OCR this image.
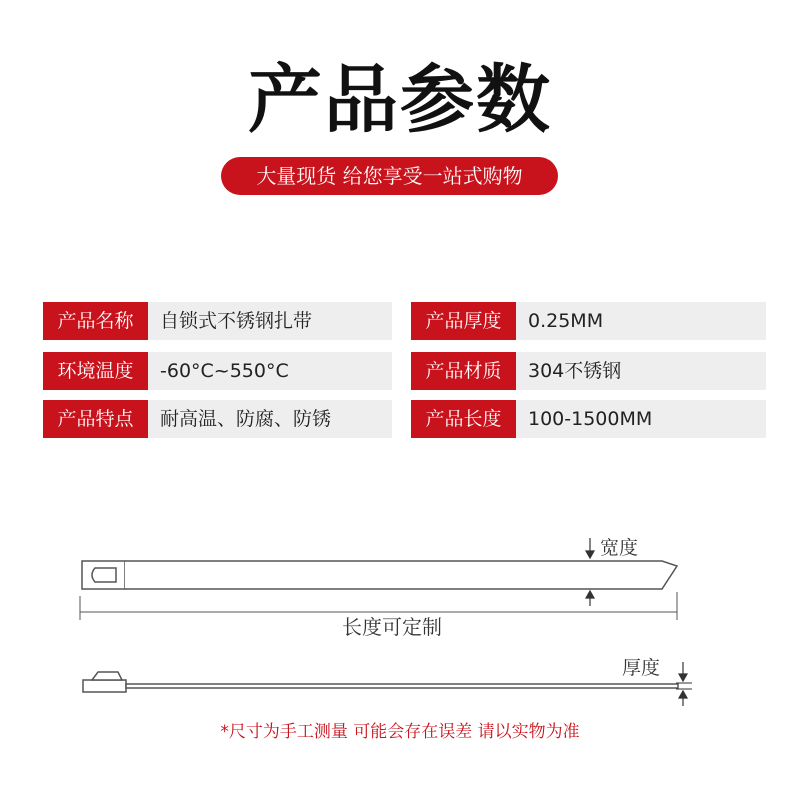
产品参数
大量现货 给您享受一站式购物
产品名称	自锁式不锈钢扎带	产品厚度	0.25MM
环境温度	-60°C~550°C	产品材质	304不锈钢
产品特点	耐高温、防腐、防锈	产品长度	100-1500MM
宽度
长度可定制
厚度
*尺寸为手工测量 可能会存在误差 请以实物为准
